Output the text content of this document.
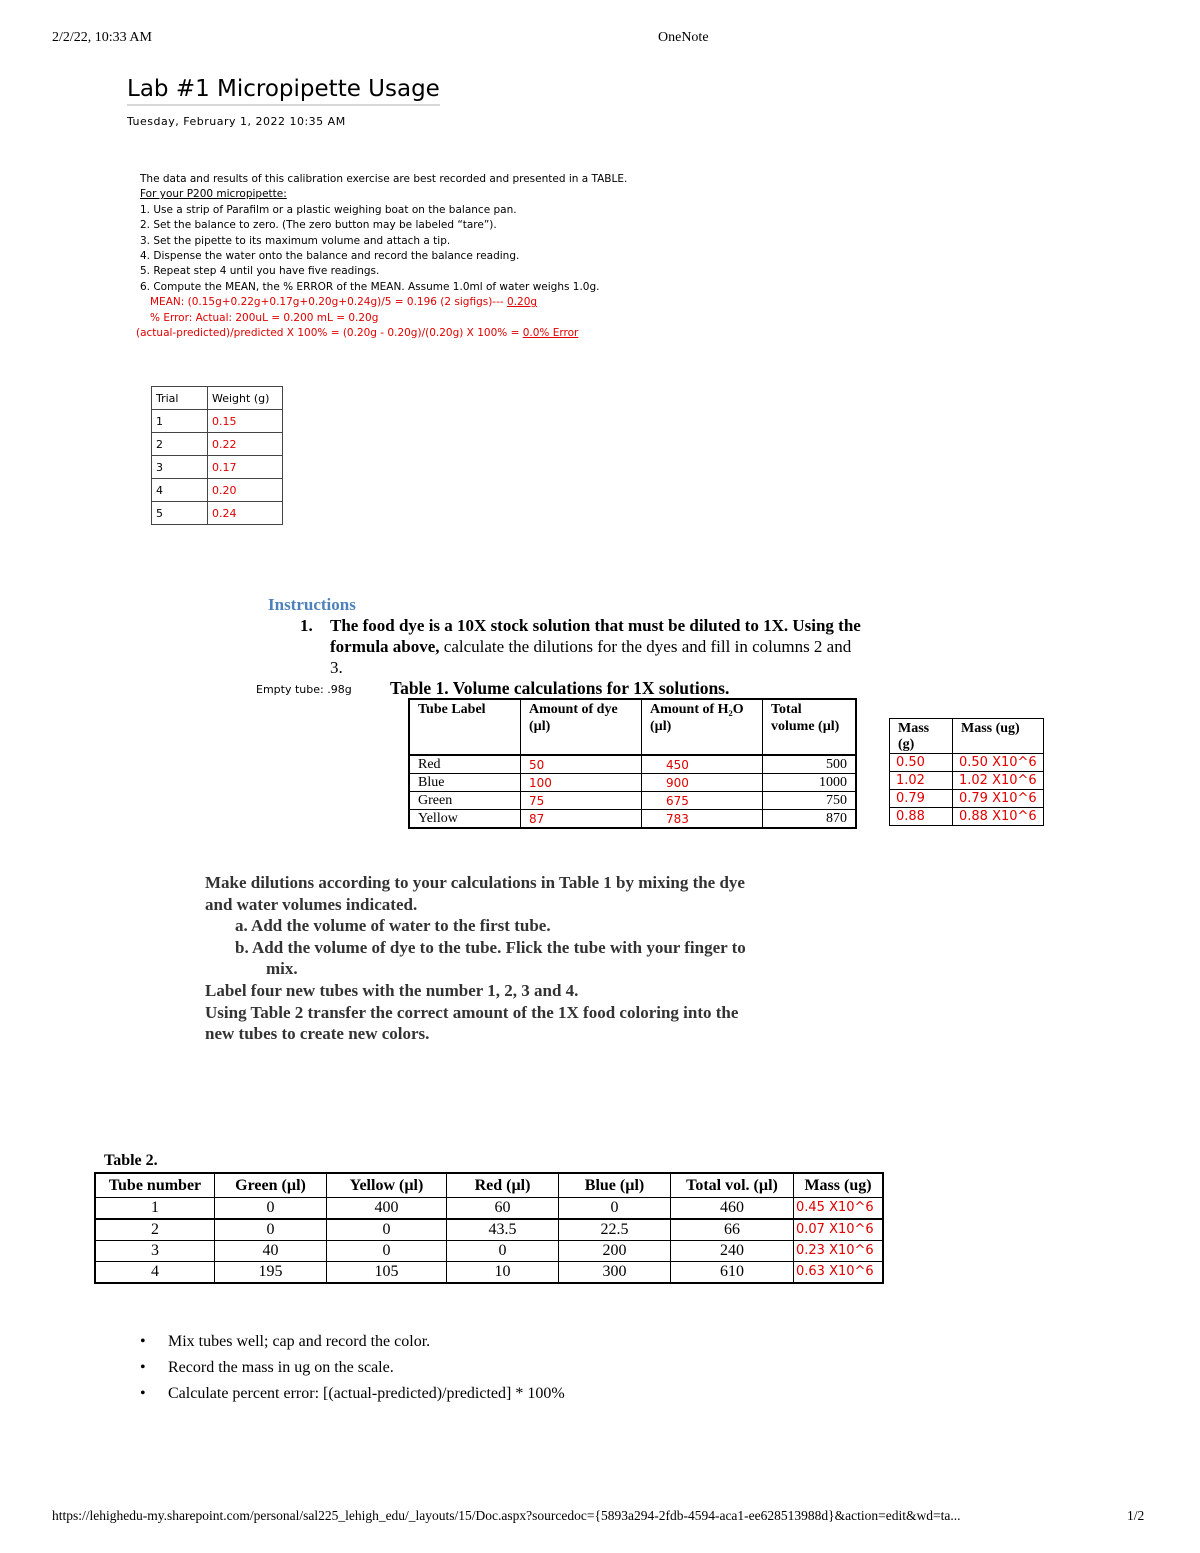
2/2/22, 10:33 AM	OneNote
Lab #1 Micropipette Usage
Tuesday, February 1, 2022 10:35 AM
The data and results of this calibration exercise are best recorded and presented in a TABLE.
For your P200 micropipette:
1. Use a strip of Parafilm or a plastic weighing boat on the balance pan.
2. Set the balance to zero. (The zero button may be labeled “tare”).
3. Set the pipette to its maximum volume and attach a tip.
4. Dispense the water onto the balance and record the balance reading.
5. Repeat step 4 until you have five readings.
6. Compute the MEAN, the % ERROR of the MEAN. Assume 1.0ml of water weighs 1.0g.
MEAN: (0.15g+0.22g+0.17g+0.20g+0.24g)/5 = 0.196 (2 sigfigs)--- 0.20g
% Error: Actual: 200uL = 0.200 mL = 0.20g
(actual-predicted)/predicted X 100% = (0.20g - 0.20g)/(0.20g) X 100% = 0.0% Error
Trial	Weight (g)
1	0.15
2	0.22
3	0.17
4	0.20
5	0.24
Instructions
1. The food dye is a 10X stock solution that must be diluted to 1X. Using the
formula above, calculate the dilutions for the dyes and fill in columns 2 and
3.
Empty tube: .98g Table 1. Volume calculations for 1X solutions.
Tube Label	Amount of dye (µl)	Amount of H₂O (µl)	Total volume (µl)
Red	50	450	500
Blue	100	900	1000
Green	75	675	750
Yellow	87	783	870
Mass (g)	Mass (ug)
0.50	0.50 X10^6
1.02	1.02 X10^6
0.79	0.79 X10^6
0.88	0.88 X10^6
Make dilutions according to your calculations in Table 1 by mixing the dye
and water volumes indicated.
a. Add the volume of water to the first tube.
b. Add the volume of dye to the tube. Flick the tube with your finger to
mix.
Label four new tubes with the number 1, 2, 3 and 4.
Using Table 2 transfer the correct amount of the 1X food coloring into the
new tubes to create new colors.
Table 2.
Tube number	Green (µl)	Yellow (µl)	Red (µl)	Blue (µl)	Total vol. (µl)	Mass (ug)
1	0	400	60	0	460	0.45 X10^6
2	0	0	43.5	22.5	66	0.07 X10^6
3	40	0	0	200	240	0.23 X10^6
4	195	105	10	300	610	0.63 X10^6
• Mix tubes well; cap and record the color.
• Record the mass in ug on the scale.
• Calculate percent error: [(actual-predicted)/predicted] * 100%
https://lehighedu-my.sharepoint.com/personal/sal225_lehigh_edu/_layouts/15/Doc.aspx?sourcedoc={5893a294-2fdb-4594-aca1-ee628513988d}&action=edit&wd=ta...	1/2
